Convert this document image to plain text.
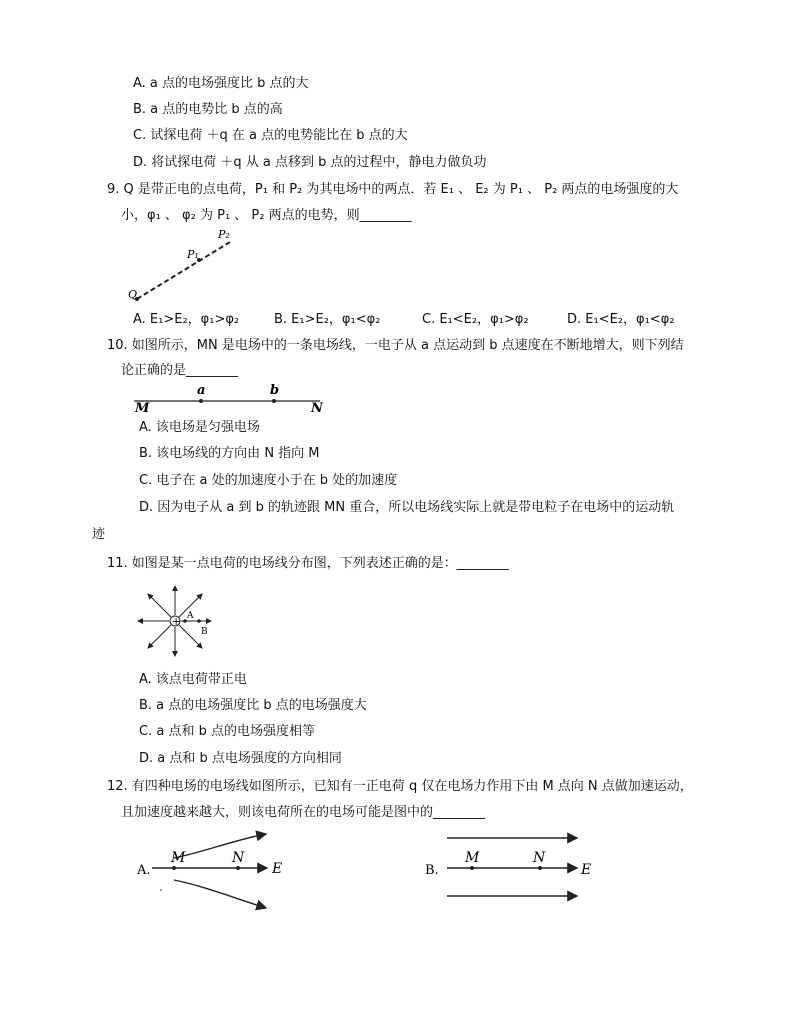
A. a 点的电场强度比 b 点的大
B. a 点的电势比 b 点的高
C. 试探电荷 ＋q 在 a 点的电势能比在 b 点的大
D. 将试探电荷 ＋q 从 a 点移到 b 点的过程中，静电力做负功
9. Q 是带正电的点电荷，P₁ 和 P₂ 为其电场中的两点．若 E₁ 、 E₂ 为 P₁ 、 P₂ 两点的电场强度的大
小，φ₁ 、 φ₂ 为 P₁ 、 P₂ 两点的电势，则________
P₂
P₁
Q
A. E₁>E₂，φ₁>φ₂	B. E₁>E₂，φ₁<φ₂	C. E₁<E₂，φ₁>φ₂	D. E₁<E₂，φ₁<φ₂
10. 如图所示，MN 是电场中的一条电场线，一电子从 a 点运动到 b 点速度在不断地增大，则下列结
论正确的是________
a	b
M	N
A. 该电场是匀强电场
B. 该电场线的方向由 N 指向 M
C. 电子在 a 处的加速度小于在 b 处的加速度
D. 因为电子从 a 到 b 的轨迹跟 MN 重合，所以电场线实际上就是带电粒子在电场中的运动轨
迹
11. 如图是某一点电荷的电场线分布图，下列表述正确的是：________
+ A
B
A. 该点电荷带正电
B. a 点的电场强度比 b 点的电场强度大
C. a 点和 b 点的电场强度相等
D. a 点和 b 点电场强度的方向相同
12. 有四种电场的电场线如图所示，已知有一正电荷 q 仅在电场力作用下由 M 点向 N 点做加速运动，
且加速度越来越大，则该电荷所在的电场可能是图中的________
A.
M	N
E	B.
M	N
E
